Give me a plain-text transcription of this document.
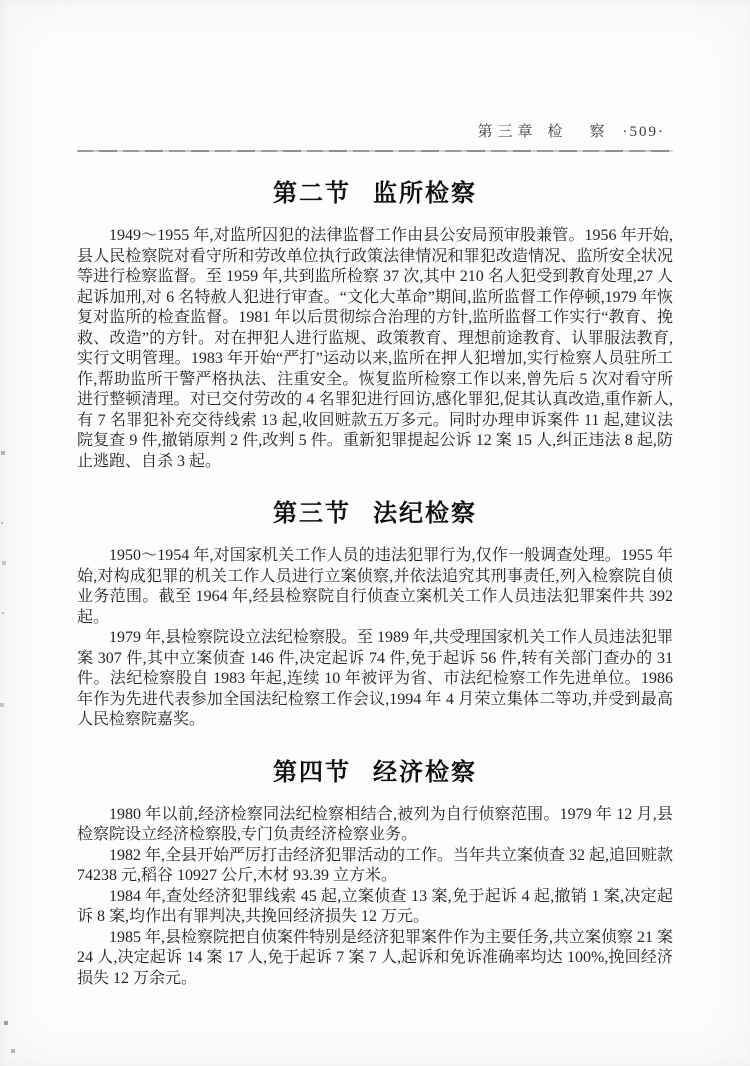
第三章 检　察 ·509·
第二节 监所检察

1949～1955 年,对监所囚犯的法律监督工作由县公安局预审股兼管。1956 年开始,县人民检察院对看守所和劳改单位执行政策法律情况和罪犯改造情况、监所安全状况等进行检察监督。至 1959 年,共到监所检察 37 次,其中 210 名人犯受到教育处理,27 人起诉加刑,对 6 名特赦人犯进行审查。“文化大革命”期间,监所监督工作停顿,1979 年恢复对监所的检查监督。1981 年以后贯彻综合治理的方针,监所监督工作实行“教育、挽救、改造”的方针。对在押犯人进行监规、政策教育、理想前途教育、认罪服法教育,实行文明管理。1983 年开始“严打”运动以来,监所在押人犯增加,实行检察人员驻所工作,帮助监所干警严格执法、注重安全。恢复监所检察工作以来,曾先后 5 次对看守所进行整顿清理。对已交付劳改的 4 名罪犯进行回访,感化罪犯,促其认真改造,重作新人,有 7 名罪犯补充交待线索 13 起,收回赃款五万多元。同时办理申诉案件 11 起,建议法院复查 9 件,撤销原判 2 件,改判 5 件。重新犯罪提起公诉 12 案 15 人,纠正违法 8 起,防止逃跑、自杀 3 起。

第三节 法纪检察

1950～1954 年,对国家机关工作人员的违法犯罪行为,仅作一般调查处理。1955 年始,对构成犯罪的机关工作人员进行立案侦察,并依法追究其刑事责任,列入检察院自侦业务范围。截至 1964 年,经县检察院自行侦查立案机关工作人员违法犯罪案件共 392 起。

1979 年,县检察院设立法纪检察股。至 1989 年,共受理国家机关工作人员违法犯罪案 307 件,其中立案侦查 146 件,决定起诉 74 件,免于起诉 56 件,转有关部门查办的 31 件。法纪检察股自 1983 年起,连续 10 年被评为省、市法纪检察工作先进单位。1986 年作为先进代表参加全国法纪检察工作会议,1994 年 4 月荣立集体二等功,并受到最高人民检察院嘉奖。

第四节 经济检察

1980 年以前,经济检察同法纪检察相结合,被列为自行侦察范围。1979 年 12 月,县检察院设立经济检察股,专门负责经济检察业务。

1982 年,全县开始严厉打击经济犯罪活动的工作。当年共立案侦查 32 起,追回赃款 74238 元,稻谷 10927 公斤,木材 93.39 立方米。

1984 年,查处经济犯罪线索 45 起,立案侦查 13 案,免于起诉 4 起,撤销 1 案,决定起诉 8 案,均作出有罪判决,共挽回经济损失 12 万元。

1985 年,县检察院把自侦案件特别是经济犯罪案件作为主要任务,共立案侦察 21 案 24 人,决定起诉 14 案 17 人,免于起诉 7 案 7 人,起诉和免诉准确率均达 100%,挽回经济损失 12 万余元。
